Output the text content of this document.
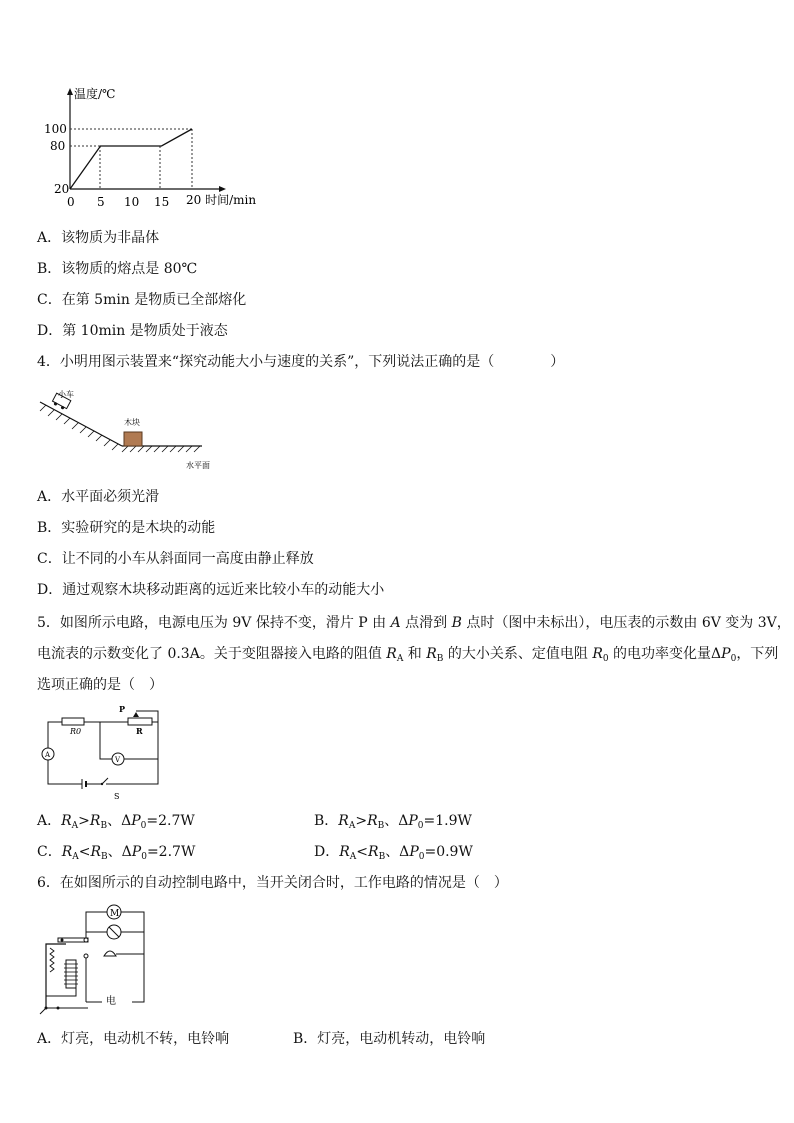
温度/℃
100
80
20
0 5 10 15 20 时间/min
A．该物质为非晶体
B．该物质的熔点是 80℃
C．在第 5min 是物质已全部熔化
D．第 10min 是物质处于液态
4．小明用图示装置来“探究动能大小与速度的关系”，下列说法正确的是（　　　　）
小车
木块
水平面
A．水平面必须光滑
B．实验研究的是木块的动能
C．让不同的小车从斜面同一高度由静止释放
D．通过观察木块移动距离的远近来比较小车的动能大小
5．如图所示电路，电源电压为 9V 保持不变，滑片 P 由 A 点滑到 B 点时（图中未标出），电压表的示数由 6V 变为 3V，
电流表的示数变化了 0.3A。关于变阻器接入电路的阻值 $R_A$ 和 $R_B$ 的大小关系、定值电阻 $R_0$ 的电功率变化量$\Delta P_0$，下列
选项正确的是（　）
P
R0	R
V
A
S
A．$R_A>R_B$、$\Delta P_0=2.7W$	B．$R_A>R_B$、$\Delta P_0=1.9W$
C．$R_A<R_B$、$\Delta P_0=2.7W$	D．$R_A<R_B$、$\Delta P_0=0.9W$
6．在如图所示的自动控制电路中，当开关闭合时，工作电路的情况是（　）
M
电
A．灯亮，电动机不转，电铃响	B．灯亮，电动机转动，电铃响
